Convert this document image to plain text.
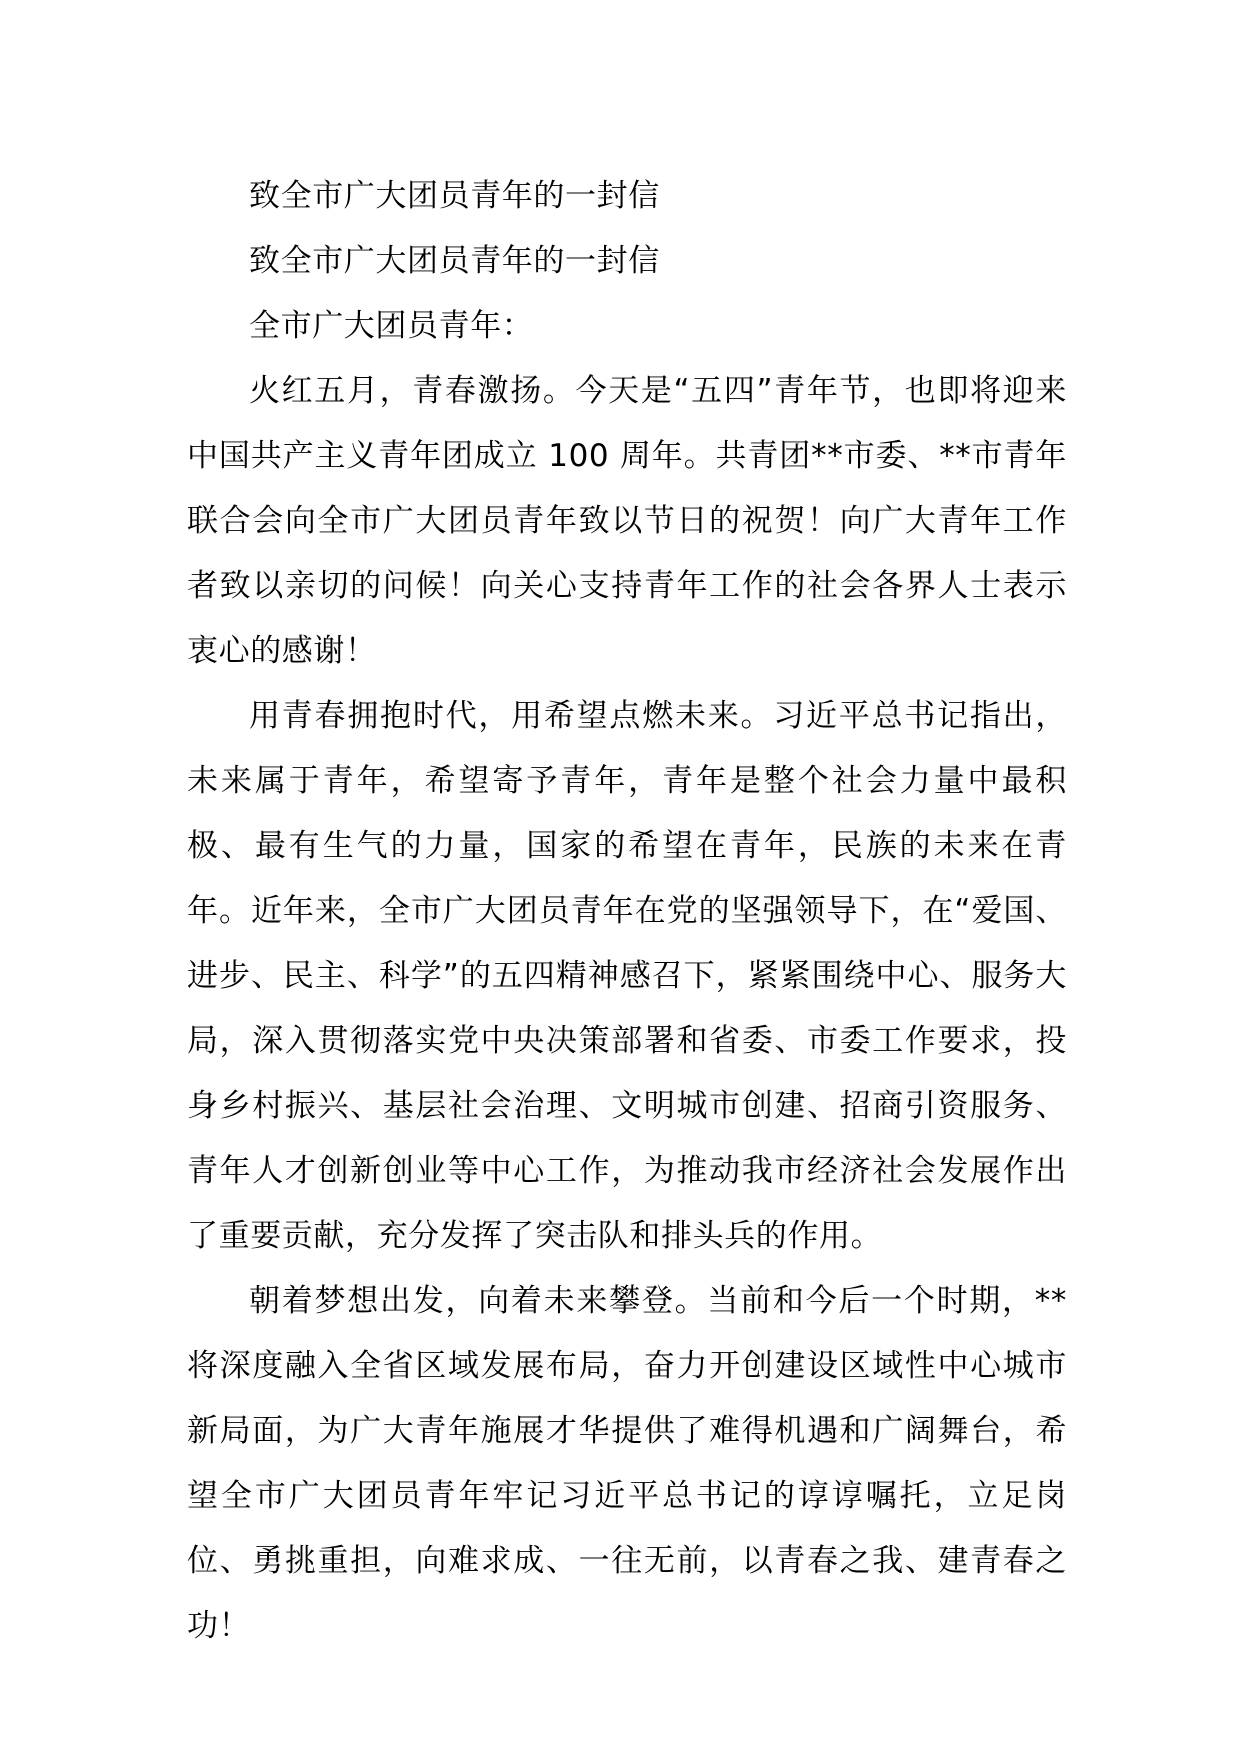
致全市广大团员青年的一封信

致全市广大团员青年的一封信

全市广大团员青年：

火红五月，青春激扬。今天是“五四”青年节，也即将迎来中国共产主义青年团成立 100 周年。共青团**市委、**市青年联合会向全市广大团员青年致以节日的祝贺！向广大青年工作者致以亲切的问候！向关心支持青年工作的社会各界人士表示衷心的感谢！

用青春拥抱时代，用希望点燃未来。习近平总书记指出，未来属于青年，希望寄予青年，青年是整个社会力量中最积极、最有生气的力量，国家的希望在青年，民族的未来在青年。近年来，全市广大团员青年在党的坚强领导下，在“爱国、进步、民主、科学”的五四精神感召下，紧紧围绕中心、服务大局，深入贯彻落实党中央决策部署和省委、市委工作要求，投身乡村振兴、基层社会治理、文明城市创建、招商引资服务、青年人才创新创业等中心工作，为推动我市经济社会发展作出了重要贡献，充分发挥了突击队和排头兵的作用。

朝着梦想出发，向着未来攀登。当前和今后一个时期，**将深度融入全省区域发展布局，奋力开创建设区域性中心城市新局面，为广大青年施展才华提供了难得机遇和广阔舞台，希望全市广大团员青年牢记习近平总书记的谆谆嘱托，立足岗位、勇挑重担，向难求成、一往无前，以青春之我、建青春之功！
